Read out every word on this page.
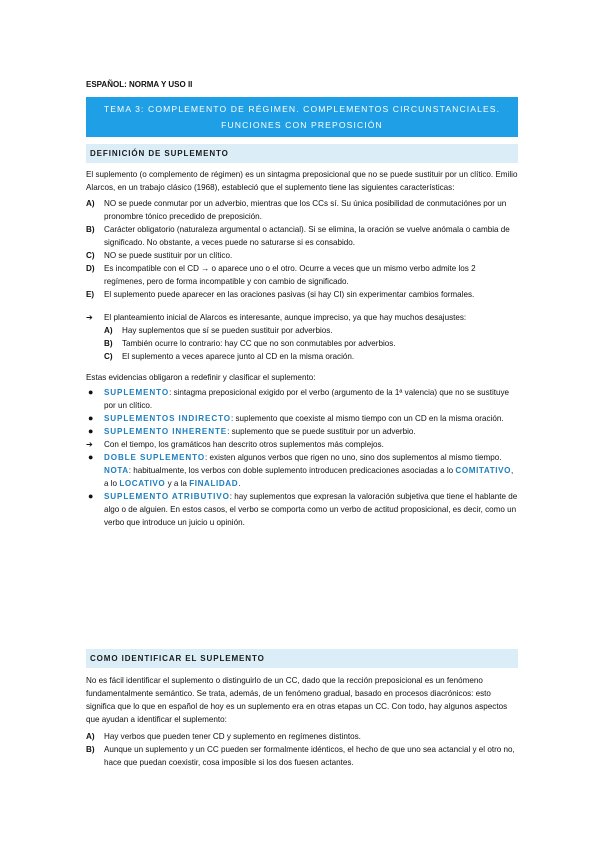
ESPAÑOL: NORMA Y USO II
TEMA 3: COMPLEMENTO DE RÉGIMEN. COMPLEMENTOS CIRCUNSTANCIALES.
FUNCIONES CON PREPOSICIÓN
DEFINICIÓN DE SUPLEMENTO

El suplemento (o complemento de régimen) es un sintagma preposicional que no se puede sustituir por un clítico. Emilio Alarcos, en un trabajo clásico (1968), estableció que el suplemento tiene las siguientes características:

A) NO se puede conmutar por un adverbio, mientras que los CCs sí. Su única posibilidad de conmutaciónes por un pronombre tónico precedido de preposición.
B) Carácter obligatorio (naturaleza argumental o actancial). Si se elimina, la oración se vuelve anómala o cambia de significado. No obstante, a veces puede no saturarse si es consabido.
C) NO se puede sustituir por un clítico.
D) Es incompatible con el CD → o aparece uno o el otro. Ocurre a veces que un mismo verbo admite los 2 regímenes, pero de forma incompatible y con cambio de significado.
E) El suplemento puede aparecer en las oraciones pasivas (si hay CI) sin experimentar cambios formales.
➔ El planteamiento inicial de Alarcos es interesante, aunque impreciso, ya que hay muchos desajustes:
A) Hay suplementos que sí se pueden sustituir por adverbios.
B) También ocurre lo contrario: hay CC que no son conmutables por adverbios.
C) El suplemento a veces aparece junto al CD en la misma oración.

Estas evidencias obligaron a redefinir y clasificar el suplemento:

● SUPLEMENTO: sintagma preposicional exigido por el verbo (argumento de la 1ª valencia) que no se sustituye por un clítico.
● SUPLEMENTOS INDIRECTO: suplemento que coexiste al mismo tiempo con un CD en la misma oración.
● SUPLEMENTO INHERENTE: suplemento que se puede sustituir por un adverbio.
➔ Con el tiempo, los gramáticos han descrito otros suplementos más complejos.
● DOBLE SUPLEMENTO: existen algunos verbos que rigen no uno, sino dos suplementos al mismo tiempo.
NOTA: habitualmente, los verbos con doble suplemento introducen predicaciones asociadas a lo COMITATIVO, a lo LOCATIVO y a la FINALIDAD.
● SUPLEMENTO ATRIBUTIVO: hay suplementos que expresan la valoración subjetiva que tiene el hablante de algo o de alguien. En estos casos, el verbo se comporta como un verbo de actitud proposicional, es decir, como un verbo que introduce un juicio u opinión.
COMO IDENTIFICAR EL SUPLEMENTO

No es fácil identificar el suplemento o distinguirlo de un CC, dado que la rección preposicional es un fenómeno fundamentalmente semántico. Se trata, además, de un fenómeno gradual, basado en procesos diacrónicos: esto significa que lo que en español de hoy es un suplemento era en otras etapas un CC. Con todo, hay algunos aspectos que ayudan a identificar el suplemento:

A) Hay verbos que pueden tener CD y suplemento en regímenes distintos.
B) Aunque un suplemento y un CC pueden ser formalmente idénticos, el hecho de que uno sea actancial y el otro no, hace que puedan coexistir, cosa imposible si los dos fuesen actantes.
